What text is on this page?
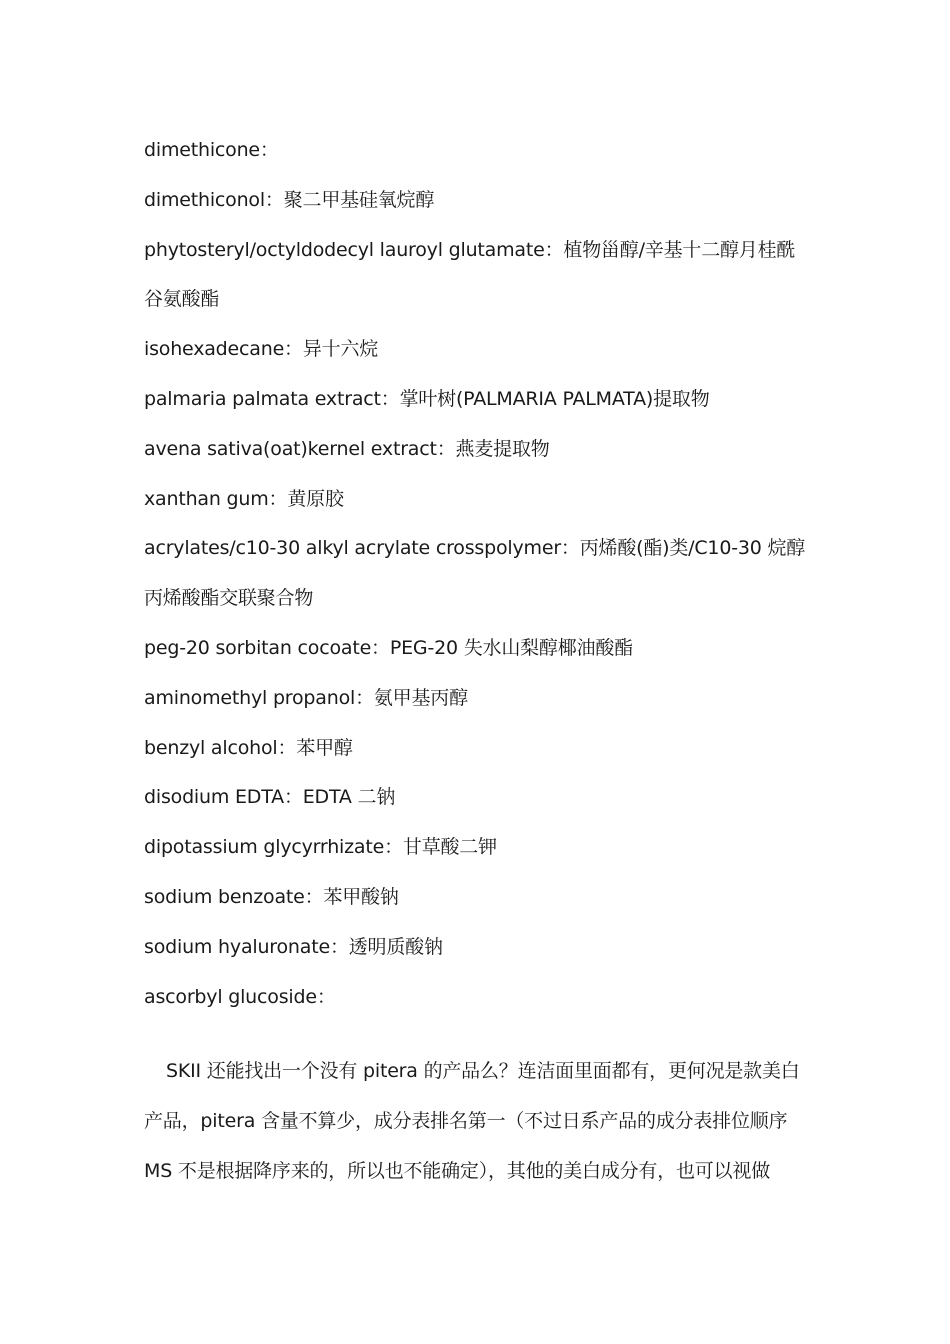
dimethicone：
dimethiconol：聚二甲基硅氧烷醇
phytosteryl/octyldodecyl lauroyl glutamate：植物甾醇/辛基十二醇月桂酰
谷氨酸酯
isohexadecane：异十六烷
palmaria palmata extract：掌叶树(PALMARIA PALMATA)提取物
avena sativa(oat)kernel extract：燕麦提取物
xanthan gum：黄原胶
acrylates/c10-30 alkyl acrylate crosspolymer：丙烯酸(酯)类/C10-30 烷醇
丙烯酸酯交联聚合物
peg-20 sorbitan cocoate：PEG-20 失水山梨醇椰油酸酯
aminomethyl propanol：氨甲基丙醇
benzyl alcohol：苯甲醇
disodium EDTA：EDTA 二钠
dipotassium glycyrrhizate：甘草酸二钾
sodium benzoate：苯甲酸钠
sodium hyaluronate：透明质酸钠
ascorbyl glucoside：
SKII 还能找出一个没有 pitera 的产品么？连洁面里面都有，更何况是款美白
产品，pitera 含量不算少，成分表排名第一（不过日系产品的成分表排位顺序
MS 不是根据降序来的，所以也不能确定），其他的美白成分有，也可以视做
